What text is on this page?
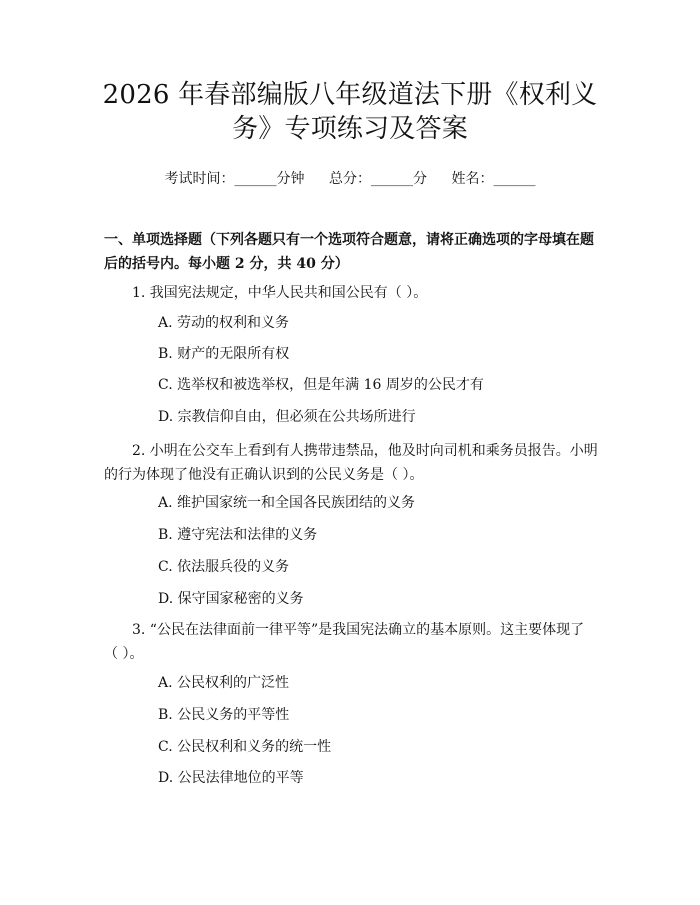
2026 年春部编版八年级道法下册《权利义
务》专项练习及答案
考试时间：______分钟 总分：______分 姓名：______
一、单项选择题（下列各题只有一个选项符合题意，请将正确选项的字母填在题后的括号内。每小题 2 分，共 40 分）
1. 我国宪法规定，中华人民共和国公民有（ ）。
A. 劳动的权利和义务
B. 财产的无限所有权
C. 选举权和被选举权，但是年满 16 周岁的公民才有
D. 宗教信仰自由，但必须在公共场所进行
2. 小明在公交车上看到有人携带违禁品，他及时向司机和乘务员报告。小明的行为体现了他没有正确认识到的公民义务是（ ）。
A. 维护国家统一和全国各民族团结的义务
B. 遵守宪法和法律的义务
C. 依法服兵役的义务
D. 保守国家秘密的义务
3. “公民在法律面前一律平等”是我国宪法确立的基本原则。这主要体现了（ ）。
A. 公民权利的广泛性
B. 公民义务的平等性
C. 公民权利和义务的统一性
D. 公民法律地位的平等
